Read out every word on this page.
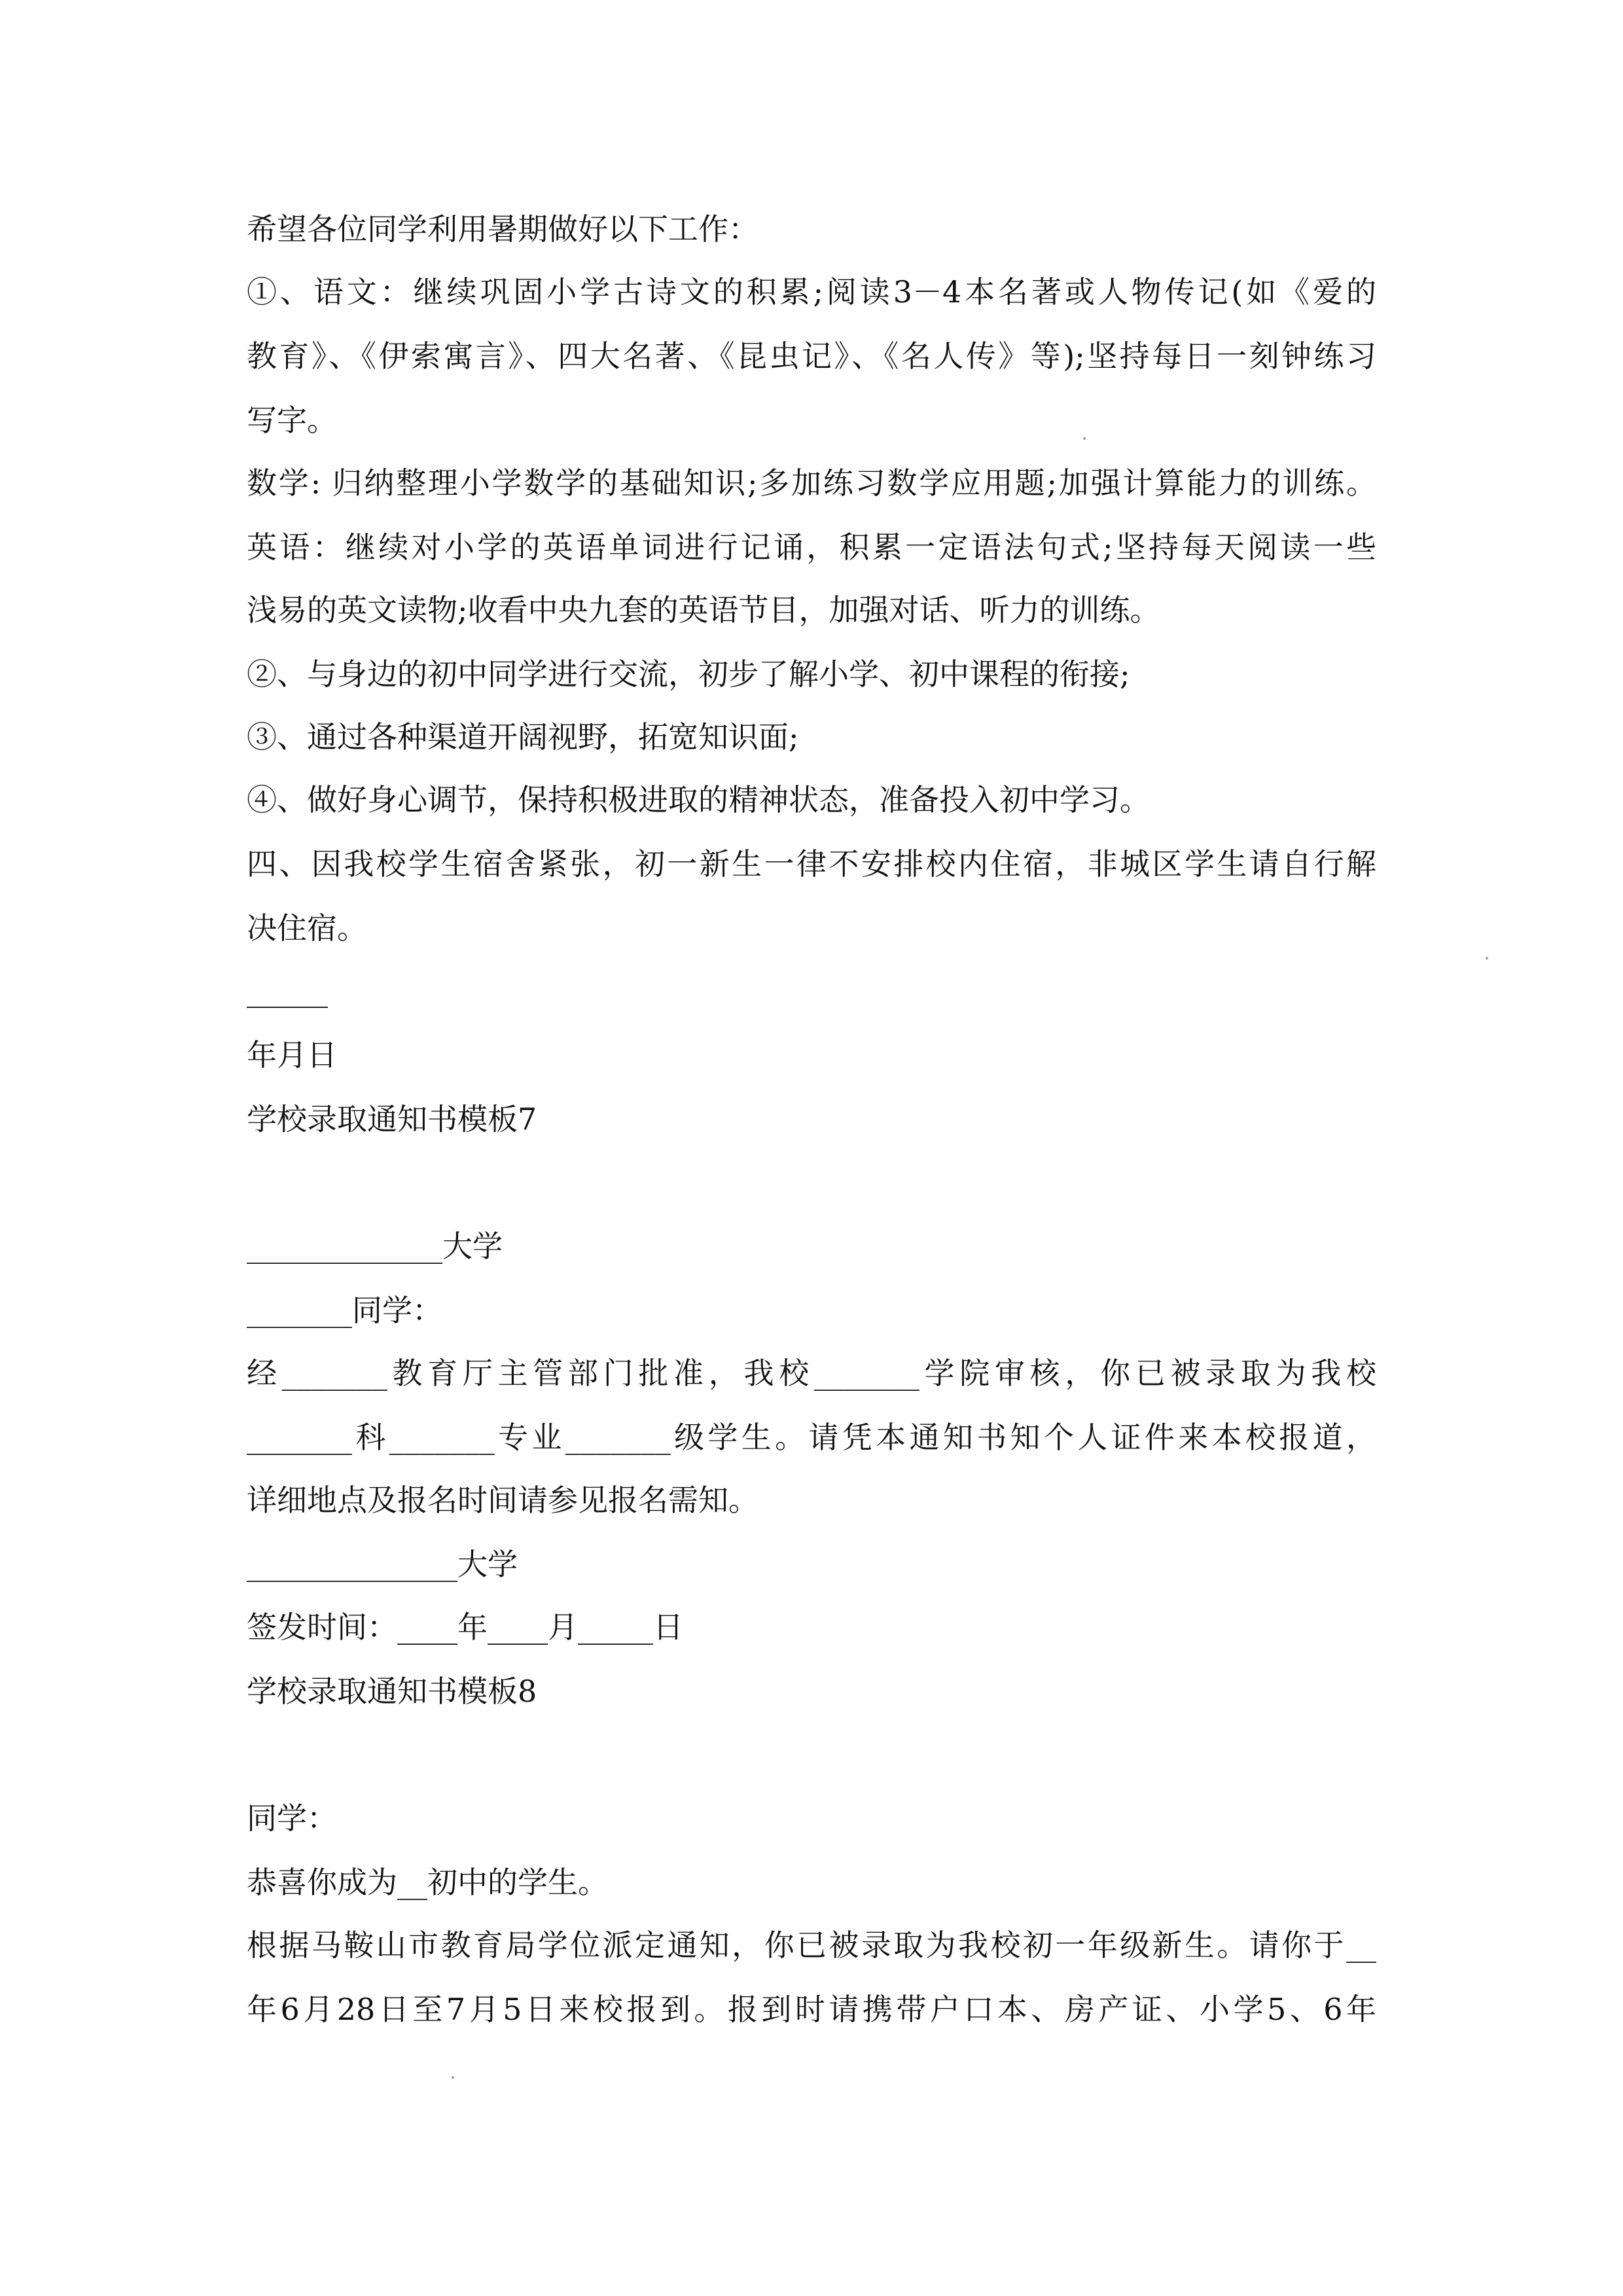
希望各位同学利用暑期做好以下工作：
①、语文：继续巩固小学古诗文的积累;阅读3－4本名著或人物传记(如《爱的
教育》、《伊索寓言》、四大名著、《昆虫记》、《名人传》等);坚持每日一刻钟练习
写字。
数学: 归纳整理小学数学的基础知识;多加练习数学应用题;加强计算能力的训练。
英语：继续对小学的英语单词进行记诵，积累一定语法句式;坚持每天阅读一些
浅易的英文读物;收看中央九套的英语节目，加强对话、听力的训练。
②、与身边的初中同学进行交流，初步了解小学、初中课程的衔接;
③、通过各种渠道开阔视野，拓宽知识面;
④、做好身心调节，保持积极进取的精神状态，准备投入初中学习。
四、因我校学生宿舍紧张，初一新生一律不安排校内住宿，非城区学生请自行解
决住宿。
年月日
学校录取通知书模板7
_____________大学
_______同学：
经_______教育厅主管部门批准，我校_______学院审核，你已被录取为我校
_______科_______专业_______级学生。请凭本通知书知个人证件来本校报道，
详细地点及报名时间请参见报名需知。
______________大学
签发时间：____年____月_____日
学校录取通知书模板8
同学：
恭喜你成为__初中的学生。
根据马鞍山市教育局学位派定通知，你已被录取为我校初一年级新生。请你于__
年6月28日至7月5日来校报到。报到时请携带户口本、房产证、小学5、6年
